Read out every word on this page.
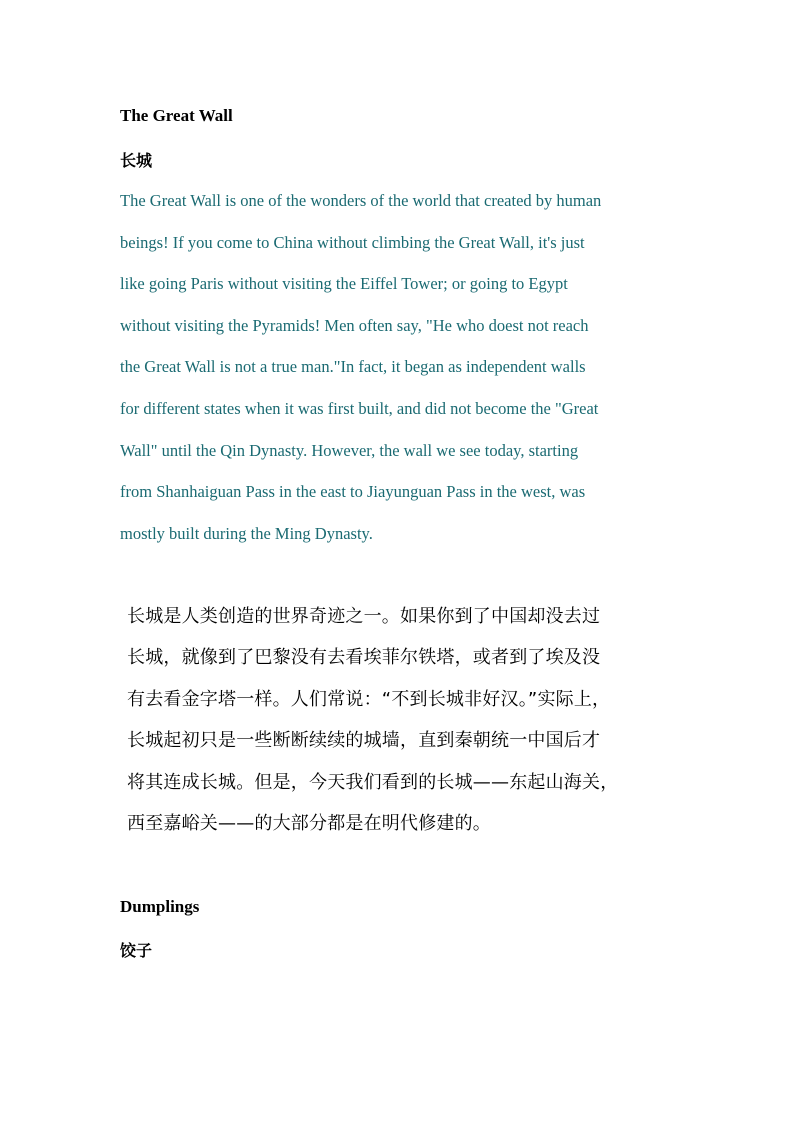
The Great Wall
长城
The Great Wall is one of the wonders of the world that created by human
beings! If you come to China without climbing the Great Wall, it's just
like going Paris without visiting the Eiffel Tower; or going to Egypt
without visiting the Pyramids! Men often say, "He who doest not reach
the Great Wall is not a true man."In fact, it began as independent walls
for different states when it was first built, and did not become the "Great
Wall" until the Qin Dynasty. However, the wall we see today, starting
from Shanhaiguan Pass in the east to Jiayunguan Pass in the west, was
mostly built during the Ming Dynasty.
长城是人类创造的世界奇迹之一。如果你到了中国却没去过
长城，就像到了巴黎没有去看埃菲尔铁塔，或者到了埃及没
有去看金字塔一样。人们常说：“不到长城非好汉。”实际上，
长城起初只是一些断断续续的城墙，直到秦朝统一中国后才
将其连成长城。但是，今天我们看到的长城——东起山海关，
西至嘉峪关——的大部分都是在明代修建的。
Dumplings
饺子
